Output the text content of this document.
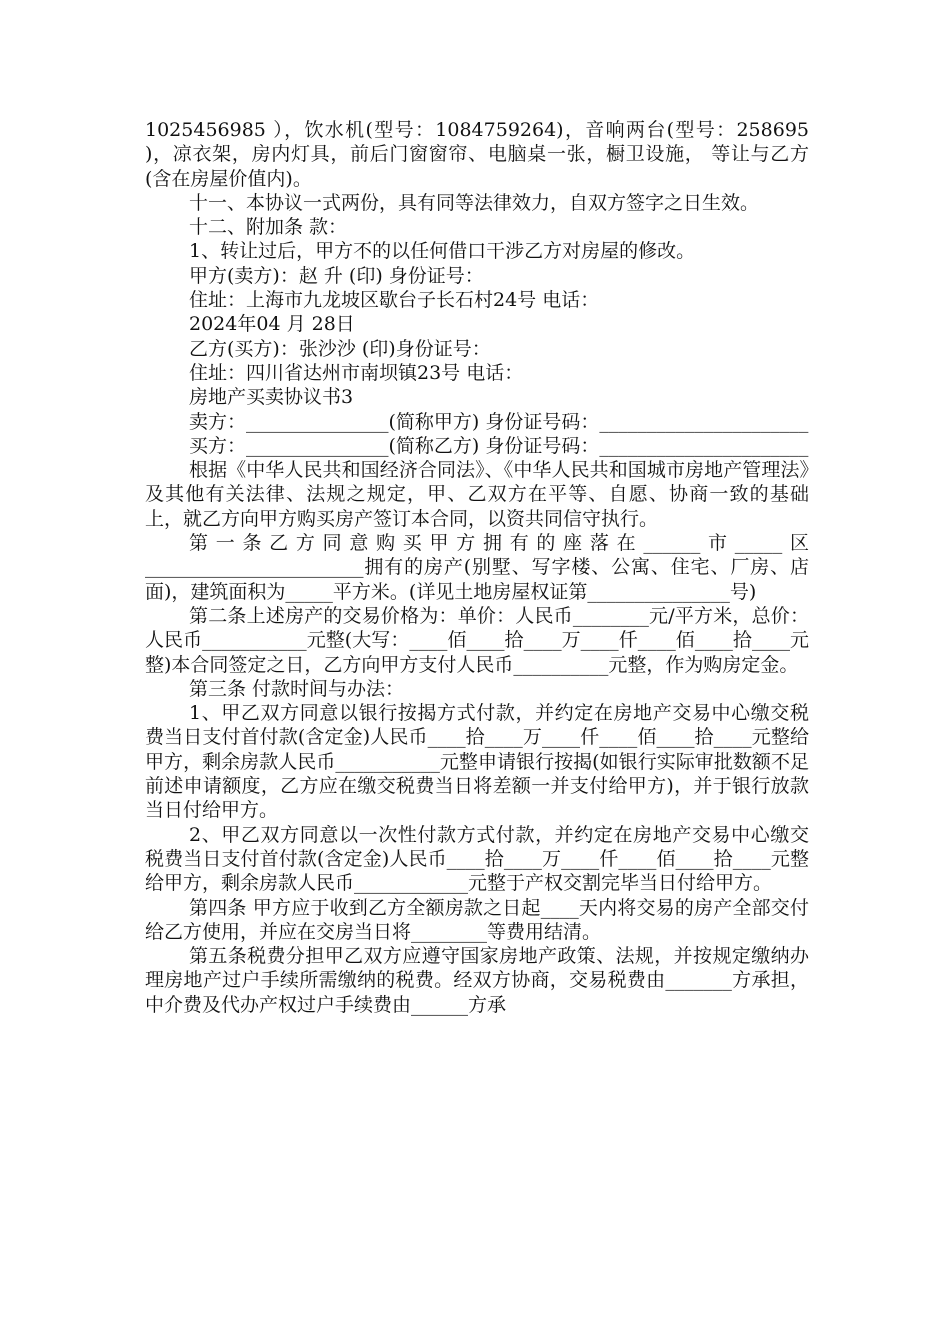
1025456985 ），饮水机(型号：1084759264)，音响两台(型号：258695 )，凉衣架，房内灯具，前后门窗窗帘、电脑桌一张，橱卫设施， 等让与乙方(含在房屋价值内)。

十一、本协议一式两份，具有同等法律效力，自双方签字之日生效。

十二、附加条 款：

1、转让过后，甲方不的以任何借口干涉乙方对房屋的修改。

甲方(卖方)：赵 升 (印) 身份证号：

住址：上海市九龙坡区歇台子长石村24号 电话：

2024年04 月 28日

乙方(买方)：张沙沙 (印)身份证号：

住址：四川省达州市南坝镇23号 电话：

房地产买卖协议书3

卖方：_______________(简称甲方) 身份证号码：______________________

买方：_______________(简称乙方) 身份证号码：______________________

根据《中华人民共和国经济合同法》、《中华人民共和国城市房地产管理法》及其他有关法律、法规之规定，甲、乙双方在平等、自愿、协商一致的基础上，就乙方向甲方购买房产签订本合同，以资共同信守执行。

第一条乙方同意购买甲方拥有的座落在______市_____区_______________________拥有的房产(别墅、写字楼、公寓、住宅、厂房、店面)，建筑面积为_____平方米。(详见土地房屋权证第_______________号)

第二条上述房产的交易价格为：单价：人民币________元/平方米，总价：人民币___________元整(大写：____佰____拾____万____仟____佰____拾____元整)本合同签定之日，乙方向甲方支付人民币__________元整，作为购房定金。

第三条 付款时间与办法：

1、甲乙双方同意以银行按揭方式付款，并约定在房地产交易中心缴交税费当日支付首付款(含定金)人民币____拾____万____仟____佰____拾____元整给甲方，剩余房款人民币___________元整申请银行按揭(如银行实际审批数额不足前述申请额度，乙方应在缴交税费当日将差额一并支付给甲方)，并于银行放款当日付给甲方。

2、甲乙双方同意以一次性付款方式付款，并约定在房地产交易中心缴交税费当日支付首付款(含定金)人民币____拾____万____仟____佰____拾____元整给甲方，剩余房款人民币____________元整于产权交割完毕当日付给甲方。

第四条 甲方应于收到乙方全额房款之日起____天内将交易的房产全部交付给乙方使用，并应在交房当日将________等费用结清。

第五条税费分担甲乙双方应遵守国家房地产政策、法规，并按规定缴纳办理房地产过户手续所需缴纳的税费。经双方协商，交易税费由_______方承担，中介费及代办产权过户手续费由______方承
